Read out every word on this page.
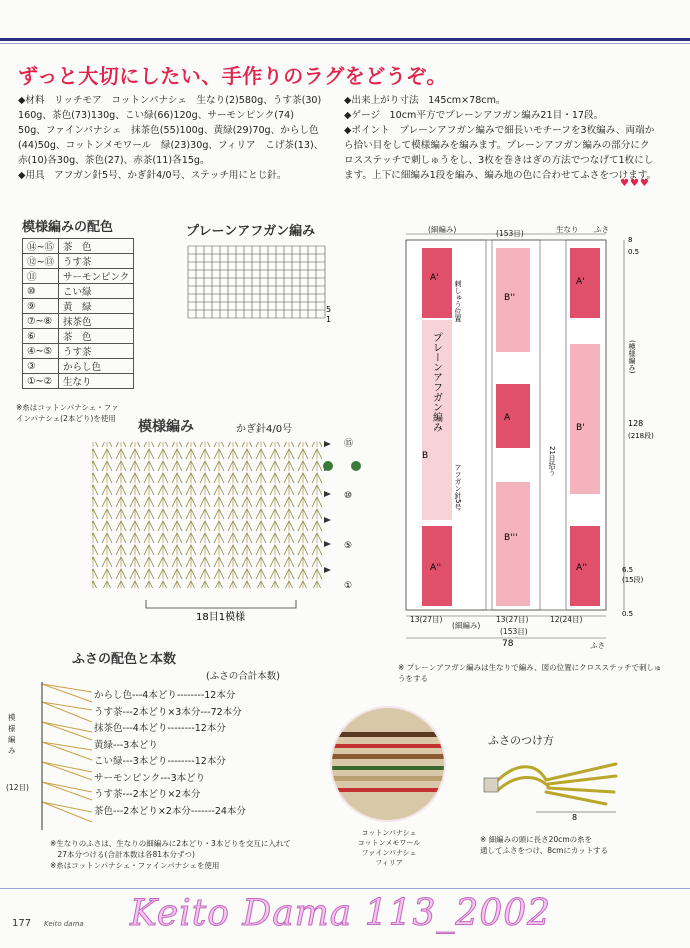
ずっと大切にしたい、手作りのラグをどうぞ。

◆材料　リッチモア　コットンパナシェ　生なり(2)580g、うす茶(30)

160g、茶色(73)130g、こい緑(66)120g、サーモンピンク(74)

50g、ファインパナシェ　抹茶色(55)100g、黄緑(29)70g、からし色

(44)50g、コットンメモワール　緑(23)30g、フィリア　こげ茶(13)、

赤(10)各30g、茶色(27)、赤茶(11)各15g。

◆用具　アフガン針5号、かぎ針4/0号、ステッチ用にとじ針。

◆出来上がり寸法　145cm×78cm。

◆ゲージ　10cm平方でプレーンアフガン編み21目・17段。

◆ポイント　プレーンアフガン編みで細長いモチーフを3枚編み、両端か

ら拾い目をして模様編みを編みます。プレーンアフガン編みの部分にク

ロスステッチで刺しゅうをし、3枚を巻きはぎの方法でつなげて1枚にし

ます。上下に細編み1段を編み、編み地の色に合わせてふさをつけます。

♥♥♥
模様編みの配色
⑭~⑮	茶　色
⑫~⑬	うす茶
⑪	サーモンピンク
⑩	こい緑
⑨	黄　緑
⑦~⑧	抹茶色
⑥	茶　色
④~⑤	うす茶
③	からし色
①~②	生なり
※糸はコットンパナシェ・ファインパナシェ(2本どり)を使用
プレーンアフガン編み
5
1
模様編み	かぎ針4/0号
⑮
⑩
⑤
①
18目1模様
ふさの配色と本数
(ふさの合計本数)
模様編み
(12目)
からし色---4本どり--------12本分
うす茶---2本どり×3本分---72本分
抹茶色---4本どり--------12本分
黄緑---3本どり
こい緑---3本どり--------12本分
サーモンピンク---3本どり
うす茶---2本どり×2本分
茶色---2本どり×2本分-------24本分
※生なりのふさは、生なりの細編みに2本どり・3本どりを交互に入れて
　27本分つける(合計本数は各81本分ずつ)
※糸はコットンパナシェ・ファインパナシェを使用
A'
A
A''
B''
B'
B'''
A'
A''
プレーンアフガン編み
B
刺しゅう位置
アフガン針5号
21目拾う
128
(218段)
8
0.5
(模様編み)
6.5
(15段)
0.5
78
(細編み)	(153目)	生なり ふさ
13(27目)
(細編み)
13(27目)
(153目)
12(24目)
ふさ
※ プレーンアフガン編みは生なりで編み、図の位置にクロスステッチで刺しゅうをする
コットンパナシェ
コットンメモワール
ファインパナシェ
フィリア
ふさのつけ方
8
※ 細編みの頭に長さ20cmの糸を
通してふさをつけ、8cmにカットする
177 Keito dama Keito Dama 113_2002
